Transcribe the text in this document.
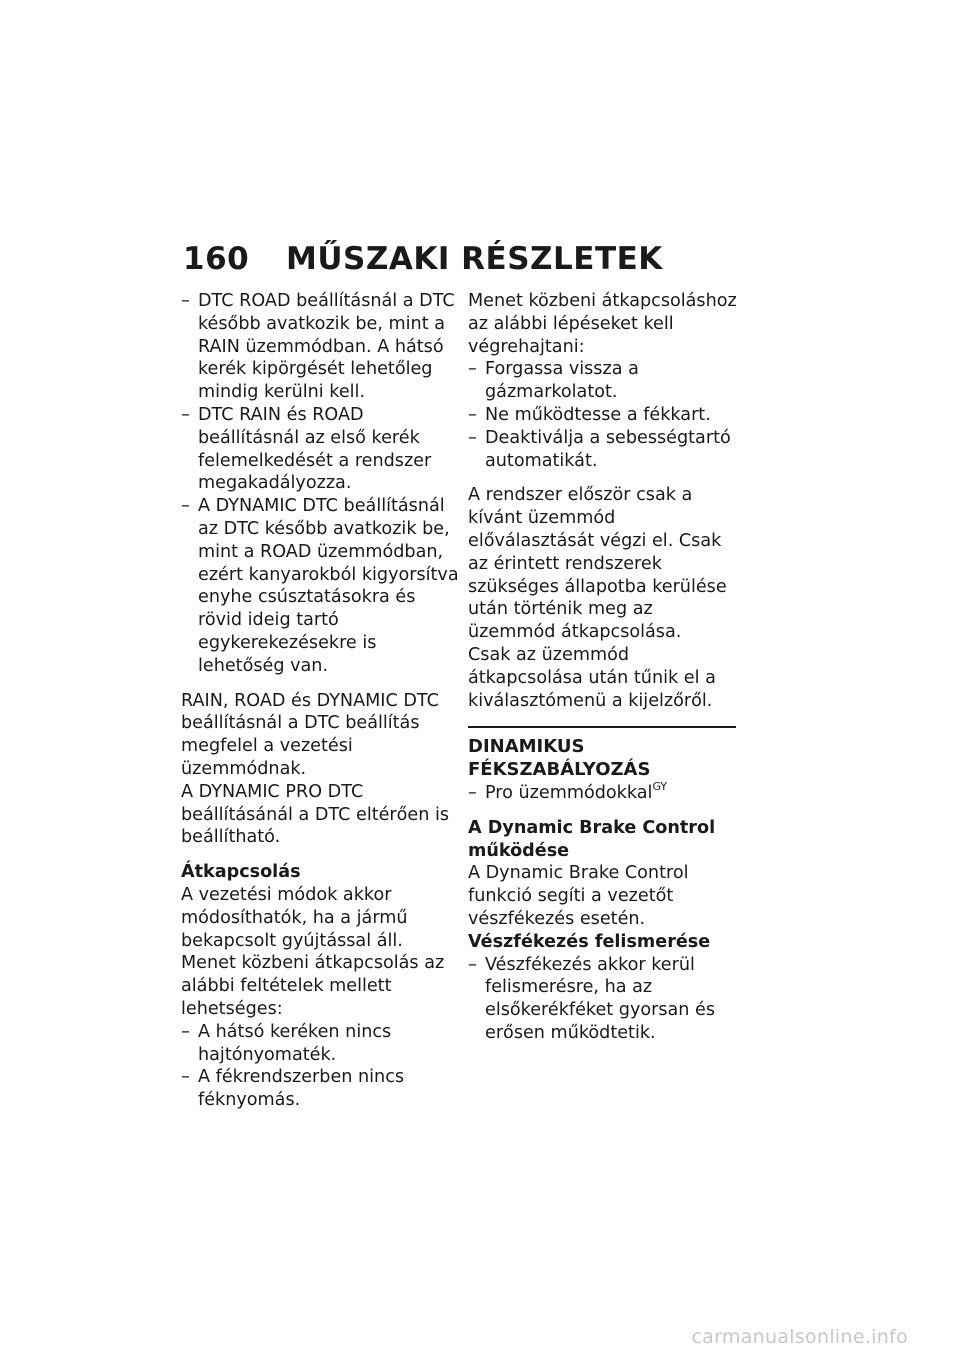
160 MŰSZAKI RÉSZLETEK
– DTC ROAD beállításnál a DTC később avatkozik be, mint a RAIN üzemmódban. A hátsó kerék kipörgését lehetőleg mindig kerülni kell.
– DTC RAIN és ROAD beállításnál az első kerék felemelkedését a rendszer megakadályozza.
– A DYNAMIC DTC beállításnál az DTC később avatkozik be, mint a ROAD üzemmódban, ezért kanyarokból kigyorsítva enyhe csúsztatásokra és rövid ideig tartó egykerekezésekre is lehetőség van.

RAIN, ROAD és DYNAMIC DTC beállításnál a DTC beállítás megfelel a vezetési üzemmódnak.

A DYNAMIC PRO DTC beállításánál a DTC eltérően is beállítható.

Átkapcsolás

A vezetési módok akkor módosíthatók, ha a jármű bekapcsolt gyújtással áll. Menet közbeni átkapcsolás az alábbi feltételek mellett lehetséges:

– A hátsó keréken nincs hajtónyomaték.
– A fékrendszerben nincs féknyomás.

Menet közbeni átkapcsoláshoz az alábbi lépéseket kell végrehajtani:

– Forgassa vissza a gázmarkolatot.
– Ne működtesse a fékkart.
– Deaktiválja a sebességtartó automatikát.

A rendszer először csak a kívánt üzemmód előválasztását végzi el. Csak az érintett rendszerek szükséges állapotba kerülése után történik meg az üzemmód átkapcsolása.

Csak az üzemmód átkapcsolása után tűnik el a kiválasztómenü a kijelzőről.

DINAMIKUS FÉKSZABÁLYOZÁS
– Pro üzemmódokkal$^{GY}$
A Dynamic Brake Control működése

A Dynamic Brake Control funkció segíti a vezetőt vészfékezés esetén.

Vészfékezés felismerése
– Vészfékezés akkor kerül felismerésre, ha az elsőkerékféket gyorsan és erősen működtetik.
carmanualsonline.info
